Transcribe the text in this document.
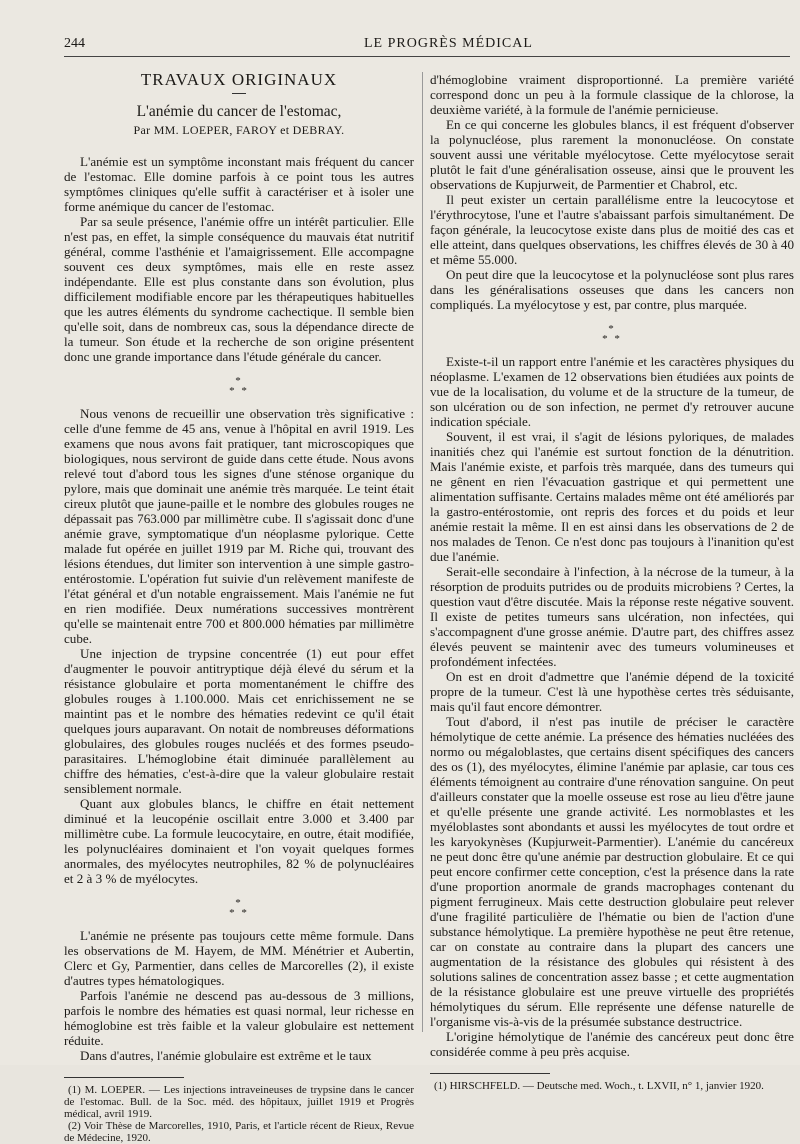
244	LE PROGRÈS MÉDICAL
TRAVAUX ORIGINAUX
L'anémie du cancer de l'estomac,
Par MM. LOEPER, FAROY et DEBRAY.

L'anémie est un symptôme inconstant mais fréquent du cancer de l'estomac. Elle domine parfois à ce point tous les autres symptômes cliniques qu'elle suffit à caractériser et à isoler une forme anémique du cancer de l'estomac.

Par sa seule présence, l'anémie offre un intérêt particulier. Elle n'est pas, en effet, la simple conséquence du mauvais état nutritif général, comme l'asthénie et l'amaigrissement. Elle accompagne souvent ces deux symptômes, mais elle en reste assez indépendante. Elle est plus constante dans son évolution, plus difficilement modifiable encore par les thérapeutiques habituelles que les autres éléments du syndrome cachectique. Il semble bien qu'elle soit, dans de nombreux cas, sous la dépendance directe de la tumeur. Son étude et la recherche de son origine présentent donc une grande importance dans l'étude générale du cancer.

*
* *

Nous venons de recueillir une observation très significative : celle d'une femme de 45 ans, venue à l'hôpital en avril 1919. Les examens que nous avons fait pratiquer, tant microscopiques que biologiques, nous serviront de guide dans cette étude. Nous avons relevé tout d'abord tous les signes d'une sténose organique du pylore, mais que dominait une anémie très marquée. Le teint était cireux plutôt que jaune-paille et le nombre des globules rouges ne dépassait pas 763.000 par millimètre cube. Il s'agissait donc d'une anémie grave, symptomatique d'un néoplasme pylorique. Cette malade fut opérée en juillet 1919 par M. Riche qui, trouvant des lésions étendues, dut limiter son intervention à une simple gastro-entérostomie. L'opération fut suivie d'un relèvement manifeste de l'état général et d'un notable engraissement. Mais l'anémie ne fut en rien modifiée. Deux numérations successives montrèrent qu'elle se maintenait entre 700 et 800.000 hématies par millimètre cube.

Une injection de trypsine concentrée (1) eut pour effet d'augmenter le pouvoir antitryptique déjà élevé du sérum et la résistance globulaire et porta momentanément le chiffre des globules rouges à 1.100.000. Mais cet enrichissement ne se maintint pas et le nombre des hématies redevint ce qu'il était quelques jours auparavant. On notait de nombreuses déformations globulaires, des globules rouges nucléés et des formes pseudo-parasitaires. L'hémoglobine était diminuée parallèlement au chiffre des hématies, c'est-à-dire que la valeur globulaire restait sensiblement normale.

Quant aux globules blancs, le chiffre en était nettement diminué et la leucopénie oscillait entre 3.000 et 3.400 par millimètre cube. La formule leucocytaire, en outre, était modifiée, les polynucléaires dominaient et l'on voyait quelques formes anormales, des myélocytes neutrophiles, 82 % de polynucléaires et 2 à 3 % de myélocytes.

*
* *

L'anémie ne présente pas toujours cette même formule. Dans les observations de M. Hayem, de MM. Ménétrier et Aubertin, Clerc et Gy, Parmentier, dans celles de Marcorelles (2), il existe d'autres types hématologiques.

Parfois l'anémie ne descend pas au-dessous de 3 millions, parfois le nombre des hématies est quasi normal, leur richesse en hémoglobine est très faible et la valeur globulaire est nettement réduite.

Dans d'autres, l'anémie globulaire est extrême et le taux

(1) M. LOEPER. — Les injections intraveineuses de trypsine dans le cancer de l'estomac. Bull. de la Soc. méd. des hôpitaux, juillet 1919 et Progrès médical, avril 1919.

(2) Voir Thèse de Marcorelles, 1910, Paris, et l'article récent de Rieux, Revue de Médecine, 1920.

d'hémoglobine vraiment disproportionné. La première variété correspond donc un peu à la formule classique de la chlorose, la deuxième variété, à la formule de l'anémie pernicieuse.

En ce qui concerne les globules blancs, il est fréquent d'observer la polynucléose, plus rarement la mononucléose. On constate souvent aussi une véritable myélocytose. Cette myélocytose serait plutôt le fait d'une généralisation osseuse, ainsi que le prouvent les observations de Kupjurweit, de Parmentier et Chabrol, etc.

Il peut exister un certain parallélisme entre la leucocytose et l'érythrocytose, l'une et l'autre s'abaissant parfois simultanément. De façon générale, la leucocytose existe dans plus de moitié des cas et elle atteint, dans quelques observations, les chiffres élevés de 30 à 40 et même 55.000.

On peut dire que la leucocytose et la polynucléose sont plus rares dans les généralisations osseuses que dans les cancers non compliqués. La myélocytose y est, par contre, plus marquée.

*
* *

Existe-t-il un rapport entre l'anémie et les caractères physiques du néoplasme. L'examen de 12 observations bien étudiées aux points de vue de la localisation, du volume et de la structure de la tumeur, de son ulcération ou de son infection, ne permet d'y retrouver aucune indication spéciale.

Souvent, il est vrai, il s'agit de lésions pyloriques, de malades inanitiés chez qui l'anémie est surtout fonction de la dénutrition. Mais l'anémie existe, et parfois très marquée, dans des tumeurs qui ne gênent en rien l'évacuation gastrique et qui permettent une alimentation suffisante. Certains malades même ont été améliorés par la gastro-entérostomie, ont repris des forces et du poids et leur anémie restait la même. Il en est ainsi dans les observations de 2 de nos malades de Tenon. Ce n'est donc pas toujours à l'inanition qu'est due l'anémie.

Serait-elle secondaire à l'infection, à la nécrose de la tumeur, à la résorption de produits putrides ou de produits microbiens ? Certes, la question vaut d'être discutée. Mais la réponse reste négative souvent. Il existe de petites tumeurs sans ulcération, non infectées, qui s'accompagnent d'une grosse anémie. D'autre part, des chiffres assez élevés peuvent se maintenir avec des tumeurs volumineuses et profondément infectées.

On est en droit d'admettre que l'anémie dépend de la toxicité propre de la tumeur. C'est là une hypothèse certes très séduisante, mais qu'il faut encore démontrer.

Tout d'abord, il n'est pas inutile de préciser le caractère hémolytique de cette anémie. La présence des hématies nucléées des normo ou mégaloblastes, que certains disent spécifiques des cancers des os (1), des myélocytes, élimine l'anémie par aplasie, car tous ces éléments témoignent au contraire d'une rénovation sanguine. On peut d'ailleurs constater que la moelle osseuse est rose au lieu d'être jaune et qu'elle présente une grande activité. Les normoblastes et les myéloblastes sont abondants et aussi les myélocytes de tout ordre et les karyokynèses (Kupjurweit-Parmentier). L'anémie du cancéreux ne peut donc être qu'une anémie par destruction globulaire. Et ce qui peut encore confirmer cette conception, c'est la présence dans la rate d'une proportion anormale de grands macrophages contenant du pigment ferrugineux. Mais cette destruction globulaire peut relever d'une fragilité particulière de l'hématie ou bien de l'action d'une substance hémolytique. La première hypothèse ne peut être retenue, car on constate au contraire dans la plupart des cancers une augmentation de la résistance des globules qui résistent à des solutions salines de concentration assez basse ; et cette augmentation de la résistance globulaire est une preuve virtuelle des propriétés hémolytiques du sérum. Elle représente une défense naturelle de l'organisme vis-à-vis de la présumée substance destructrice.

L'origine hémolytique de l'anémie des cancéreux peut donc être considérée comme à peu près acquise.

(1) HIRSCHFELD. — Deutsche med. Woch., t. LXVII, n° 1, janvier 1920.
